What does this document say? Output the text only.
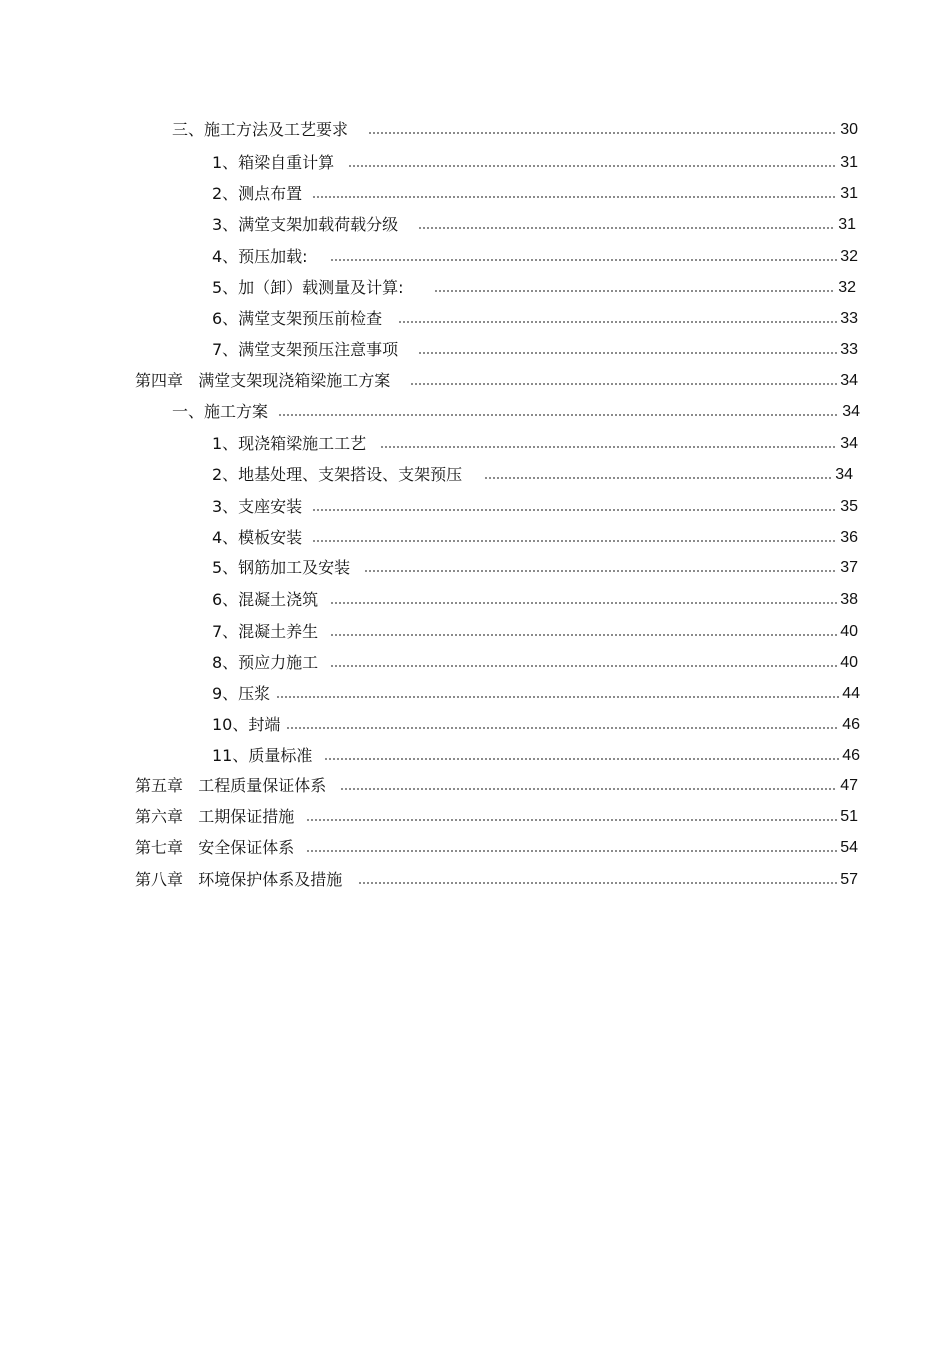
三、施工方法及工艺要求	30
1、箱梁自重计算	31
2、测点布置	31
3、满堂支架加载荷载分级	31
4、预压加载:	32
5、加（卸）载测量及计算:	32
6、满堂支架预压前检查	33
7、满堂支架预压注意事项	33
第四章   满堂支架现浇箱梁施工方案	34
一、施工方案	34
1、现浇箱梁施工工艺	34
2、地基处理、支架搭设、支架预压	34
3、支座安装	35
4、模板安装	36
5、钢筋加工及安装	37
6、混凝土浇筑	38
7、混凝土养生	40
8、预应力施工	40
9、压浆	44
10、封端	46
11、质量标准	46
第五章   工程质量保证体系	47
第六章   工期保证措施	51
第七章   安全保证体系	54
第八章   环境保护体系及措施	57
